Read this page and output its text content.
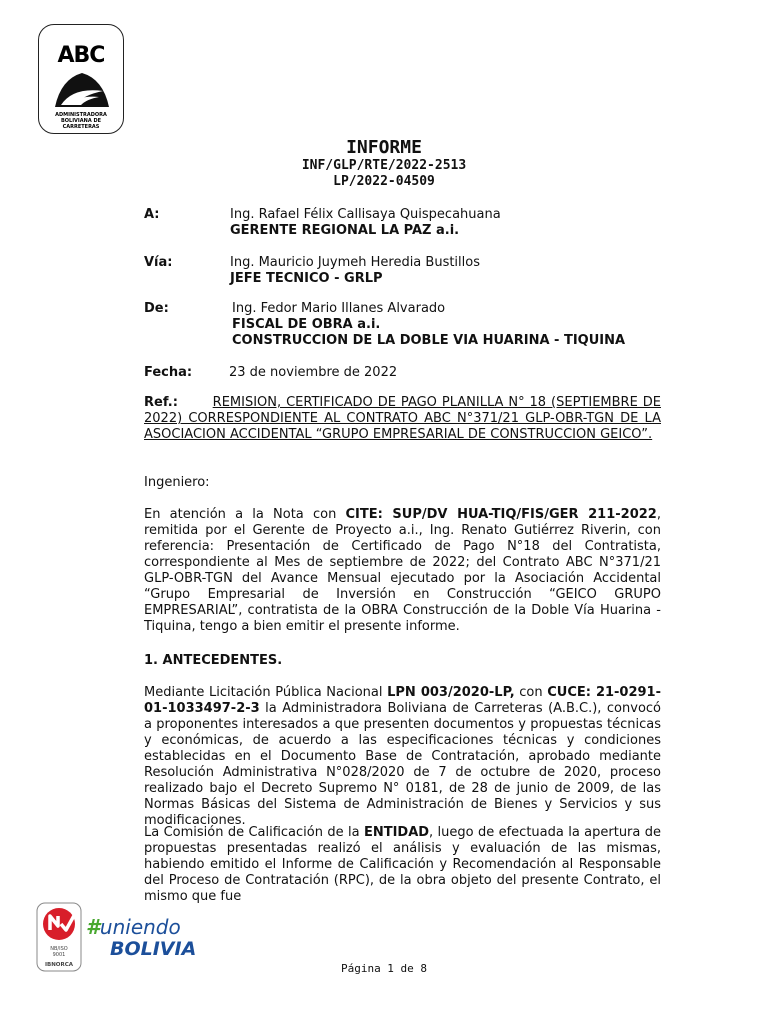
ABC
ADMINISTRADORA
BOLIVIANA DE
CARRETERAS
INFORME
INF/GLP/RTE/2022-2513
LP/2022-04509
A:	Ing. Rafael Félix Callisaya Quispecahuana
GERENTE REGIONAL LA PAZ a.i.
Vía:	Ing. Mauricio Juymeh Heredia Bustillos
JEFE TECNICO - GRLP
De:	Ing. Fedor Mario Illanes Alvarado
FISCAL DE OBRA a.i.
CONSTRUCCION DE LA DOBLE VIA HUARINA - TIQUINA
Fecha:	23 de noviembre de 2022

Ref.:	REMISION, CERTIFICADO DE PAGO PLANILLA N° 18 (SEPTIEMBRE DE 2022) CORRESPONDIENTE AL CONTRATO ABC N°371/21 GLP-OBR-TGN DE LA ASOCIACION ACCIDENTAL “GRUPO EMPRESARIAL DE CONSTRUCCION GEICO”.

Ingeniero:

En atención a la Nota con CITE: SUP/DV HUA-TIQ/FIS/GER 211-2022, remitida por el Gerente de Proyecto a.i., Ing. Renato Gutiérrez Riverin, con referencia: Presentación de Certificado de Pago N°18 del Contratista, correspondiente al Mes de septiembre de 2022; del Contrato ABC N°371/21 GLP-OBR-TGN del Avance Mensual ejecutado por la Asociación Accidental “Grupo Empresarial de Inversión en Construcción “GEICO GRUPO EMPRESARIAL”, contratista de la OBRA Construcción de la Doble Vía Huarina - Tiquina, tengo a bien emitir el presente informe.

1. ANTECEDENTES.

Mediante Licitación Pública Nacional LPN 003/2020-LP, con CUCE: 21-0291-01-1033497-2-3 la Administradora Boliviana de Carreteras (A.B.C.), convocó a proponentes interesados a que presenten documentos y propuestas técnicas y económicas, de acuerdo a las especificaciones técnicas y condiciones establecidas en el Documento Base de Contratación, aprobado mediante Resolución Administrativa N°028/2020 de 7 de octubre de 2020, proceso realizado bajo el Decreto Supremo N° 0181, de 28 de junio de 2009, de las Normas Básicas del Sistema de Administración de Bienes y Servicios y sus modificaciones.

La Comisión de Calificación de la ENTIDAD, luego de efectuada la apertura de propuestas presentadas realizó el análisis y evaluación de las mismas, habiendo emitido el Informe de Calificación y Recomendación al Responsable del Proceso de Contratación (RPC), de la obra objeto del presente Contrato, el mismo que fue

NB/ISO
9001
IBNORCA
#uniendo
BOLIVIA
Página 1 de 8
